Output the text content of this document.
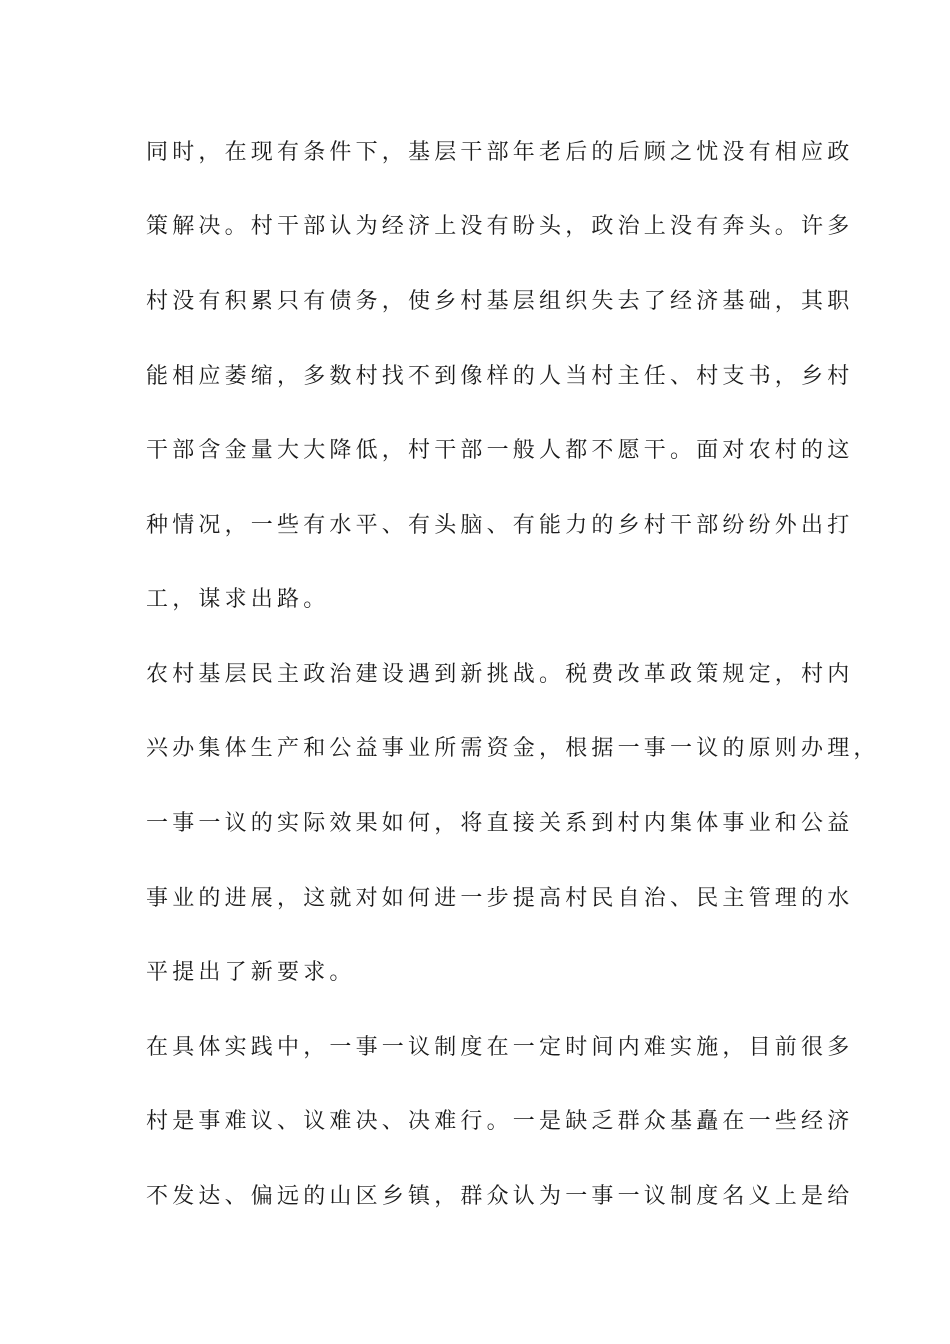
同时，在现有条件下，基层干部年老后的后顾之忧没有相应政
策解决。村干部认为经济上没有盼头，政治上没有奔头。许多
村没有积累只有债务，使乡村基层组织失去了经济基础，其职
能相应萎缩，多数村找不到像样的人当村主任、村支书，乡村
干部含金量大大降低，村干部一般人都不愿干。面对农村的这
种情况，一些有水平、有头脑、有能力的乡村干部纷纷外出打
工，谋求出路。
农村基层民主政治建设遇到新挑战。税费改革政策规定，村内
兴办集体生产和公益事业所需资金，根据一事一议的原则办理，
一事一议的实际效果如何，将直接关系到村内集体事业和公益
事业的进展，这就对如何进一步提高村民自治、民主管理的水
平提出了新要求。
在具体实践中，一事一议制度在一定时间内难实施，目前很多
村是事难议、议难决、决难行。一是缺乏群众基矗在一些经济
不发达、偏远的山区乡镇，群众认为一事一议制度名义上是给
